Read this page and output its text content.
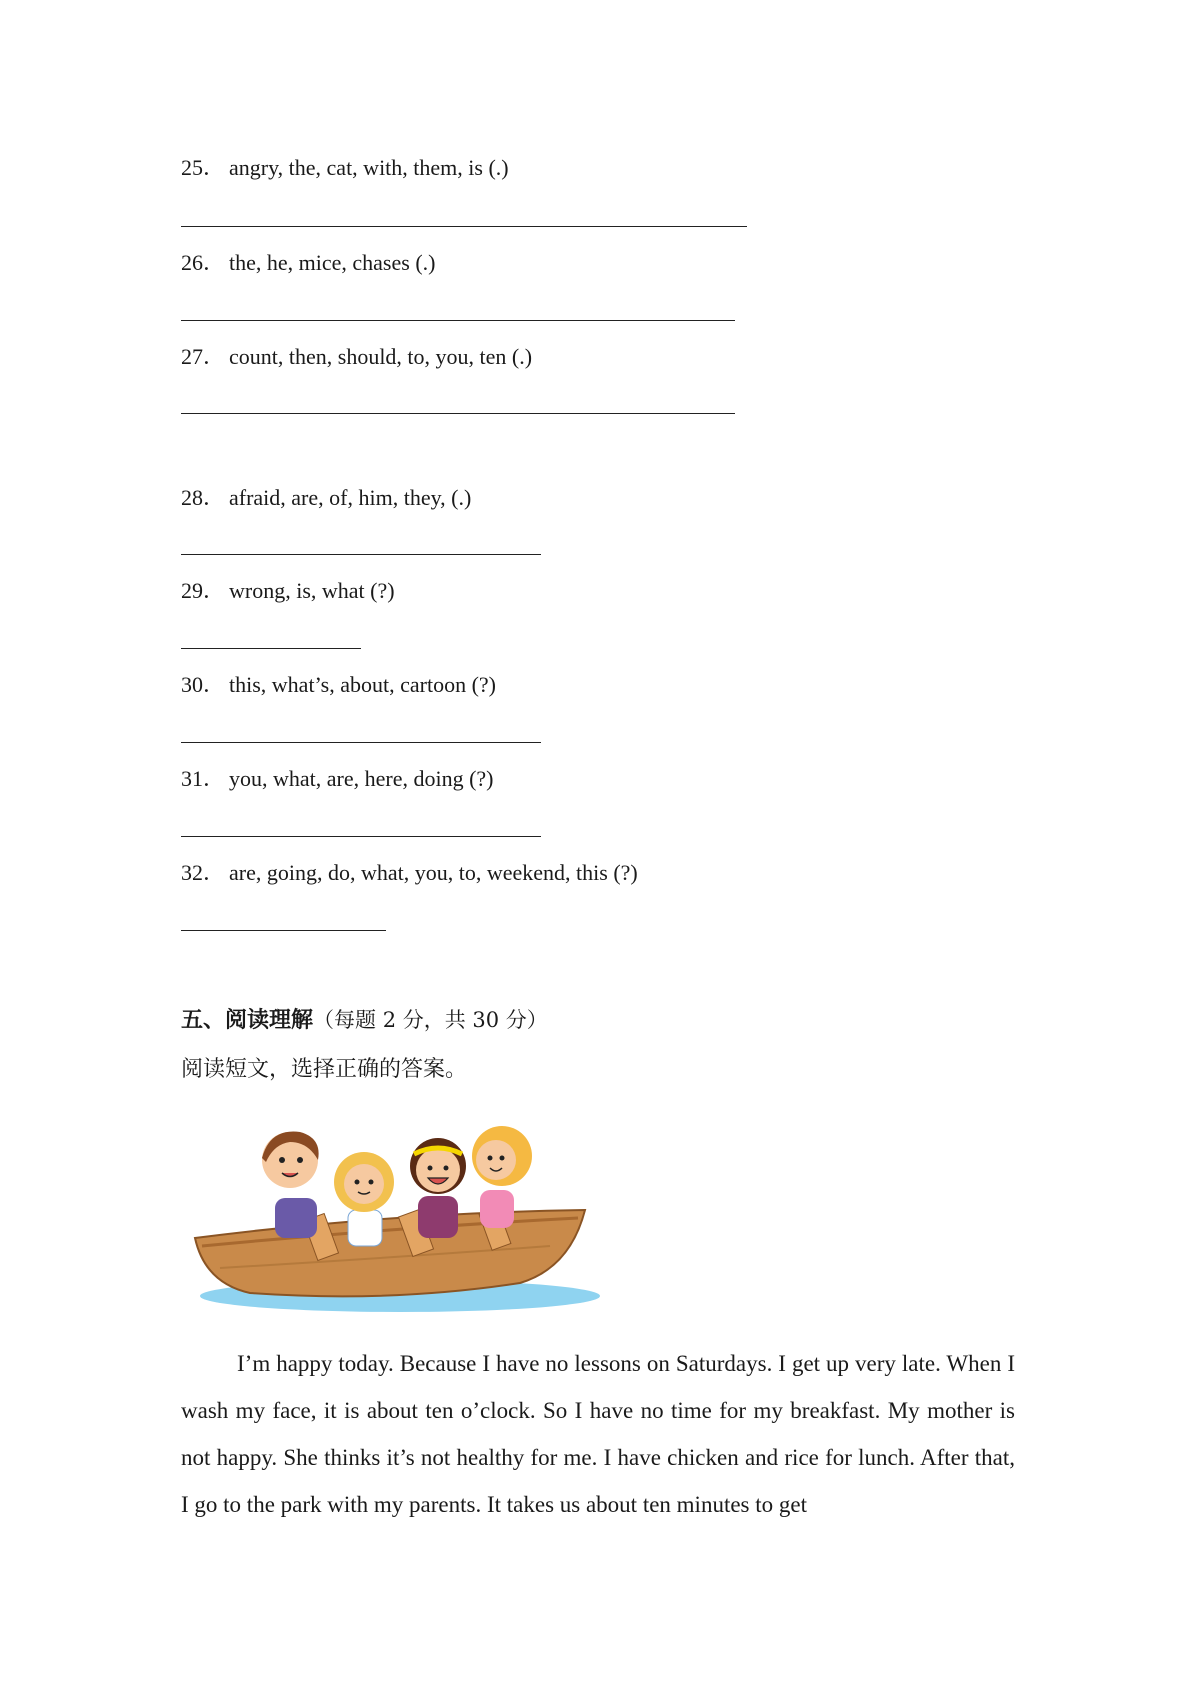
25． angry, the, cat, with, them, is (.)
26． the, he, mice, chases (.)
27． count, then, should, to, you, ten (.)
28． afraid, are, of, him, they, (.)
29． wrong, is, what (?)
30． this, what’s, about, cartoon (?)
31． you, what, are, here, doing (?)
32． are, going, do, what, you, to, weekend, this (?)
五、阅读理解（每题 2 分，共 30 分）
阅读短文，选择正确的答案。
I’m happy today. Because I have no lessons on Saturdays. I get up very late. When I wash my face, it is about ten o’clock. So I have no time for my breakfast. My mother is not happy. She thinks it’s not healthy for me. I have chicken and rice for lunch. After that, I go to the park with my parents. It takes us about ten minutes to get
